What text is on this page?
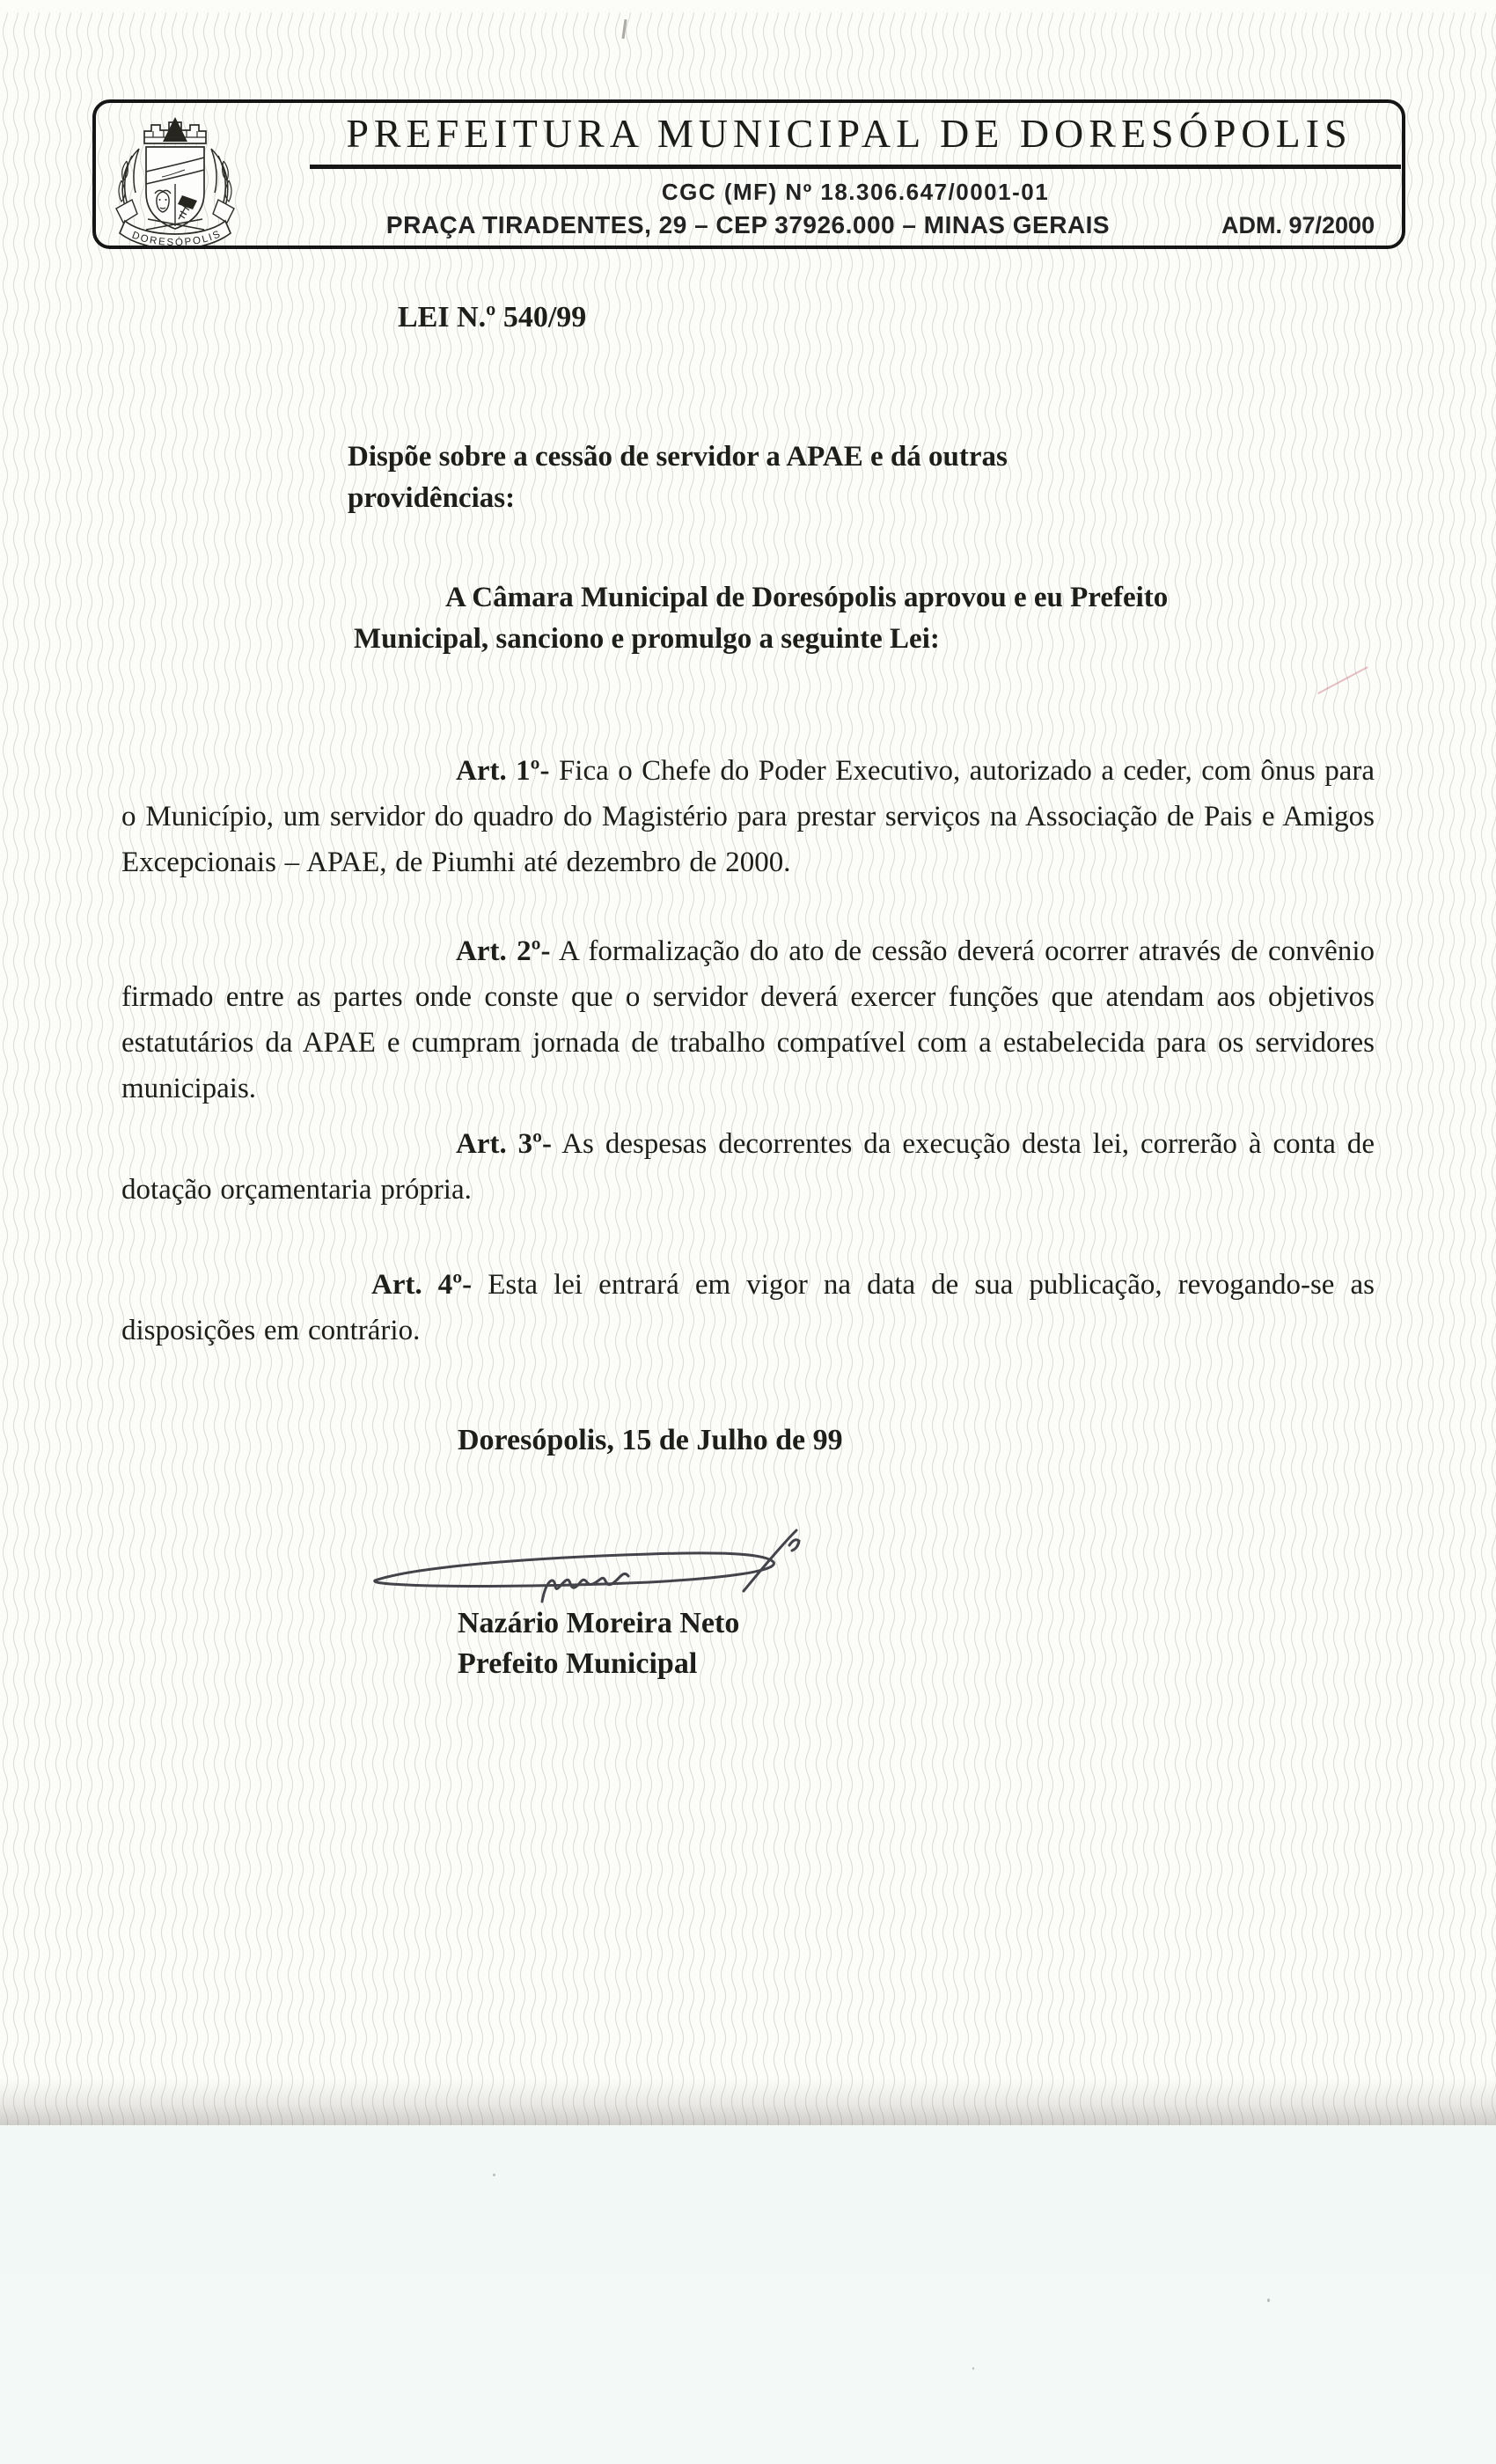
DORESÓPOLIS
PREFEITURA MUNICIPAL DE DORESÓPOLIS
CGC (MF) Nº 18.306.647/0001-01
PRAÇA TIRADENTES, 29 – CEP 37926.000 – MINAS GERAIS	ADM. 97/2000
LEI N.º 540/99
Dispõe sobre a cessão de servidor a APAE e dá outras providências:
A Câmara Municipal de Doresópolis aprovou e eu Prefeito Municipal, sanciono e promulgo a seguinte Lei:

Art. 1º- Fica o Chefe do Poder Executivo, autorizado a ceder, com ônus para o Município, um servidor do quadro do Magistério para prestar serviços na Associação de Pais e Amigos Excepcionais – APAE, de Piumhi até dezembro de 2000.

Art. 2º- A formalização do ato de cessão deverá ocorrer através de convênio firmado entre as partes onde conste que o servidor deverá exercer funções que atendam aos objetivos estatutários da APAE e cumpram jornada de trabalho compatível com a estabelecida para os servidores municipais.

Art. 3º- As despesas decorrentes da execução desta lei, correrão à conta de dotação orçamentaria própria.

Art. 4º- Esta lei entrará em vigor na data de sua publicação, revogando-se as disposições em contrário.

Doresópolis, 15 de Julho de 99
Nazário Moreira Neto
Prefeito Municipal
